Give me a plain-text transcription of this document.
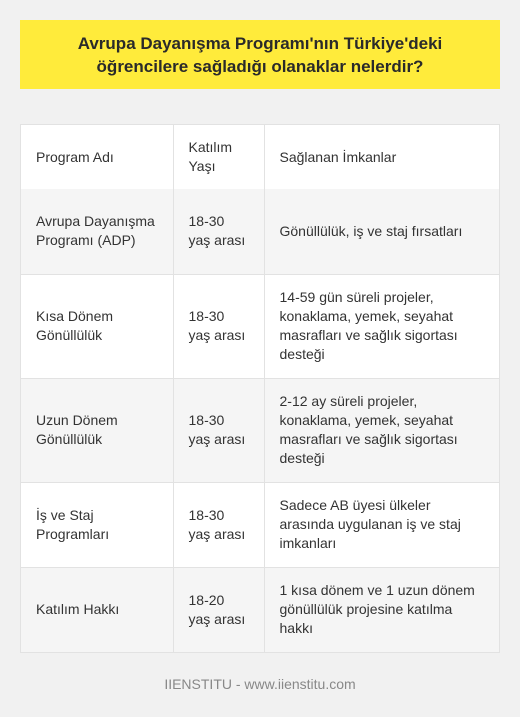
Avrupa Dayanışma Programı'nın Türkiye'deki öğrencilere sağladığı olanaklar nelerdir?
Program Adı	Katılım Yaşı	Sağlanan İmkanlar
Avrupa Dayanışma Programı (ADP)	18-30 yaş arası	Gönüllülük, iş ve staj fırsatları
Kısa Dönem Gönüllülük	18-30 yaş arası	14-59 gün süreli projeler, konaklama, yemek, seyahat masrafları ve sağlık sigortası desteği
Uzun Dönem Gönüllülük	18-30 yaş arası	2-12 ay süreli projeler, konaklama, yemek, seyahat masrafları ve sağlık sigortası desteği
İş ve Staj Programları	18-30 yaş arası	Sadece AB üyesi ülkeler arasında uygulanan iş ve staj imkanları
Katılım Hakkı	18-20 yaş arası	1 kısa dönem ve 1 uzun dönem gönüllülük projesine katılma hakkı
IIENSTITU - www.iienstitu.com
